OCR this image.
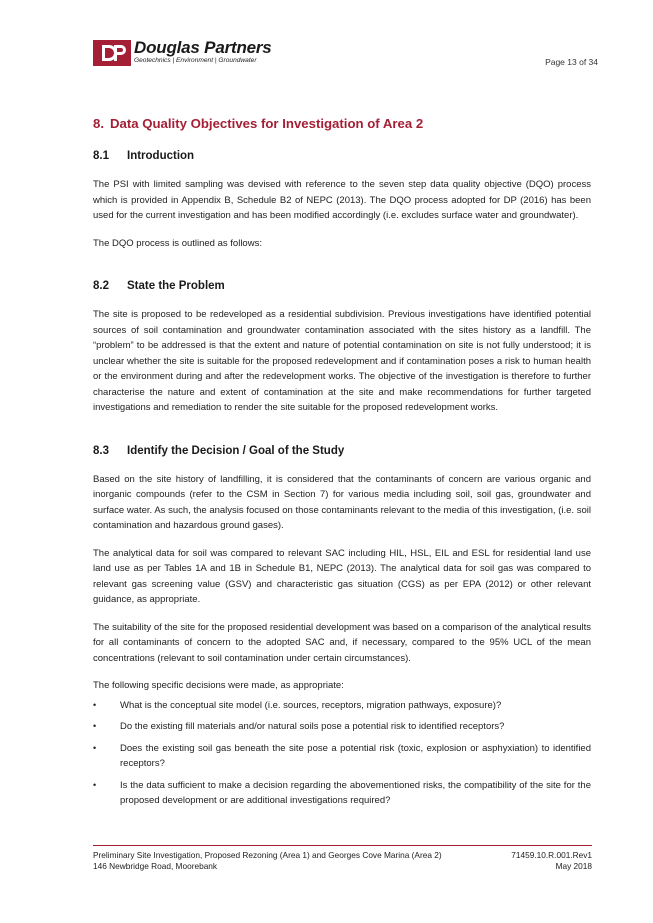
Douglas Partners
Geotechnics | Environment | Groundwater	Page 13 of 34
8. Data Quality Objectives for Investigation of Area 2
8.1 Introduction

The PSI with limited sampling was devised with reference to the seven step data quality objective (DQO) process which is provided in Appendix B, Schedule B2 of NEPC (2013). The DQO process adopted for DP (2016) has been used for the current investigation and has been modified accordingly (i.e. excludes surface water and groundwater).

The DQO process is outlined as follows:

8.2 State the Problem

The site is proposed to be redeveloped as a residential subdivision. Previous investigations have identified potential sources of soil contamination and groundwater contamination associated with the sites history as a landfill. The “problem” to be addressed is that the extent and nature of potential contamination on site is not fully understood; it is unclear whether the site is suitable for the proposed redevelopment and if contamination poses a risk to human health or the environment during and after the redevelopment works. The objective of the investigation is therefore to further characterise the nature and extent of contamination at the site and make recommendations for further targeted investigations and remediation to render the site suitable for the proposed redevelopment works.

8.3 Identify the Decision / Goal of the Study

Based on the site history of landfilling, it is considered that the contaminants of concern are various organic and inorganic compounds (refer to the CSM in Section 7) for various media including soil, soil gas, groundwater and surface water. As such, the analysis focused on those contaminants relevant to the media of this investigation, (i.e. soil contamination and hazardous ground gases).

The analytical data for soil was compared to relevant SAC including HIL, HSL, EIL and ESL for residential land use land use as per Tables 1A and 1B in Schedule B1, NEPC (2013). The analytical data for soil gas was compared to relevant gas screening value (GSV) and characteristic gas situation (CGS) as per EPA (2012) or other relevant guidance, as appropriate.

The suitability of the site for the proposed residential development was based on a comparison of the analytical results for all contaminants of concern to the adopted SAC and, if necessary, compared to the 95% UCL of the mean concentrations (relevant to soil contamination under certain circumstances).

The following specific decisions were made, as appropriate:

• What is the conceptual site model (i.e. sources, receptors, migration pathways, exposure)?
• Do the existing fill materials and/or natural soils pose a potential risk to identified receptors?
• Does the existing soil gas beneath the site pose a potential risk (toxic, explosion or asphyxiation) to identified receptors?
• Is the data sufficient to make a decision regarding the abovementioned risks, the compatibility of the site for the proposed development or are additional investigations required?
Preliminary Site Investigation, Proposed Rezoning (Area 1) and Georges Cove Marina (Area 2)	71459.10.R.001.Rev1
146 Newbridge Road, Moorebank	May 2018
